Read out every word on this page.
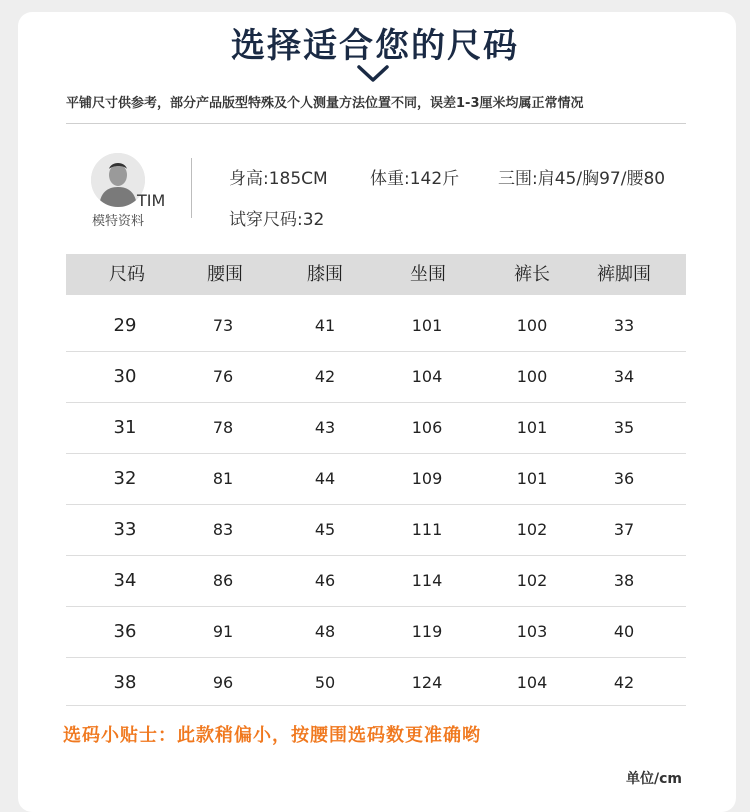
选择适合您的尺码
平铺尺寸供参考，部分产品版型特殊及个人测量方法位置不同，误差1-3厘米均属正常情况
TIM
模特资料
身高:185CM 体重:142斤 三围:肩45/胸97/腰80
试穿尺码:32
尺码	腰围	膝围	坐围	裤长	裤脚围
29	73	41	101	100	33
30	76	42	104	100	34
31	78	43	106	101	35
32	81	44	109	101	36
33	83	45	111	102	37
34	86	46	114	102	38
36	91	48	119	103	40
38	96	50	124	104	42
选码小贴士：此款稍偏小，按腰围选码数更准确哟
单位/cm
